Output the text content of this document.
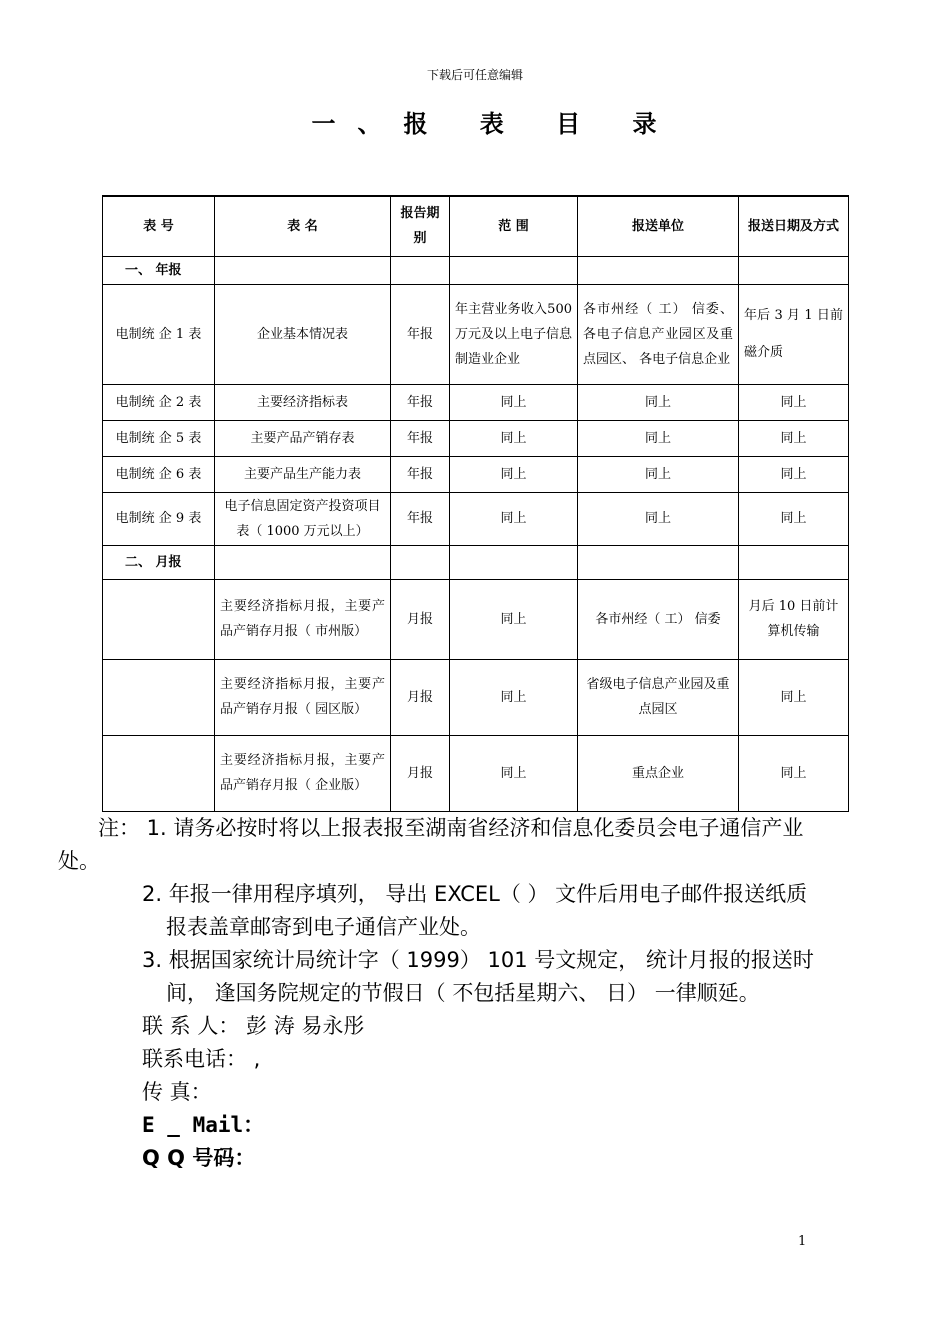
下载后可任意编辑
一、报 表 目 录
表 号	表 名	报告期别	范 围	报送单位	报送日期及方式
一、 年报					
电制统 企 1 表	企业基本情况表	年报	年主营业务收入500万元及以上电子信息制造业企业	各市州经（ 工） 信委、 各电子信息产业园区及重点园区、 各电子信息企业	年后 3 月 1 日前磁介质
电制统 企 2 表	主要经济指标表	年报	同上	同上	同上
电制统 企 5 表	主要产品产销存表	年报	同上	同上	同上
电制统 企 6 表	主要产品生产能力表	年报	同上	同上	同上
电制统 企 9 表	电子信息固定资产投资项目表（ 1000 万元以上）	年报	同上	同上	同上
二、 月报					
	主要经济指标月报，主要产品产销存月报（ 市州版）	月报	同上	各市州经（ 工） 信委	月后 10 日前计算机传输
	主要经济指标月报，主要产品产销存月报（ 园区版）	月报	同上	省级电子信息产业园及重点园区	同上
	主要经济指标月报，主要产品产销存月报（ 企业版）	月报	同上	重点企业	同上

注： 1. 请务必按时将以上报表报至湖南省经济和信息化委员会电子通信产业处。

2. 年报一律用程序填列， 导出 EXCEL（ ） 文件后用电子邮件报送纸质报表盖章邮寄到电子通信产业处。

3. 根据国家统计局统计字（ 1999） 101 号文规定， 统计月报的报送时间， 逢国务院规定的节假日（ 不包括星期六、 日） 一律顺延。

联 系 人： 彭 涛 易永彤

联系电话： ,

传 真：

E _ Mail：

Q Q 号码：

1
